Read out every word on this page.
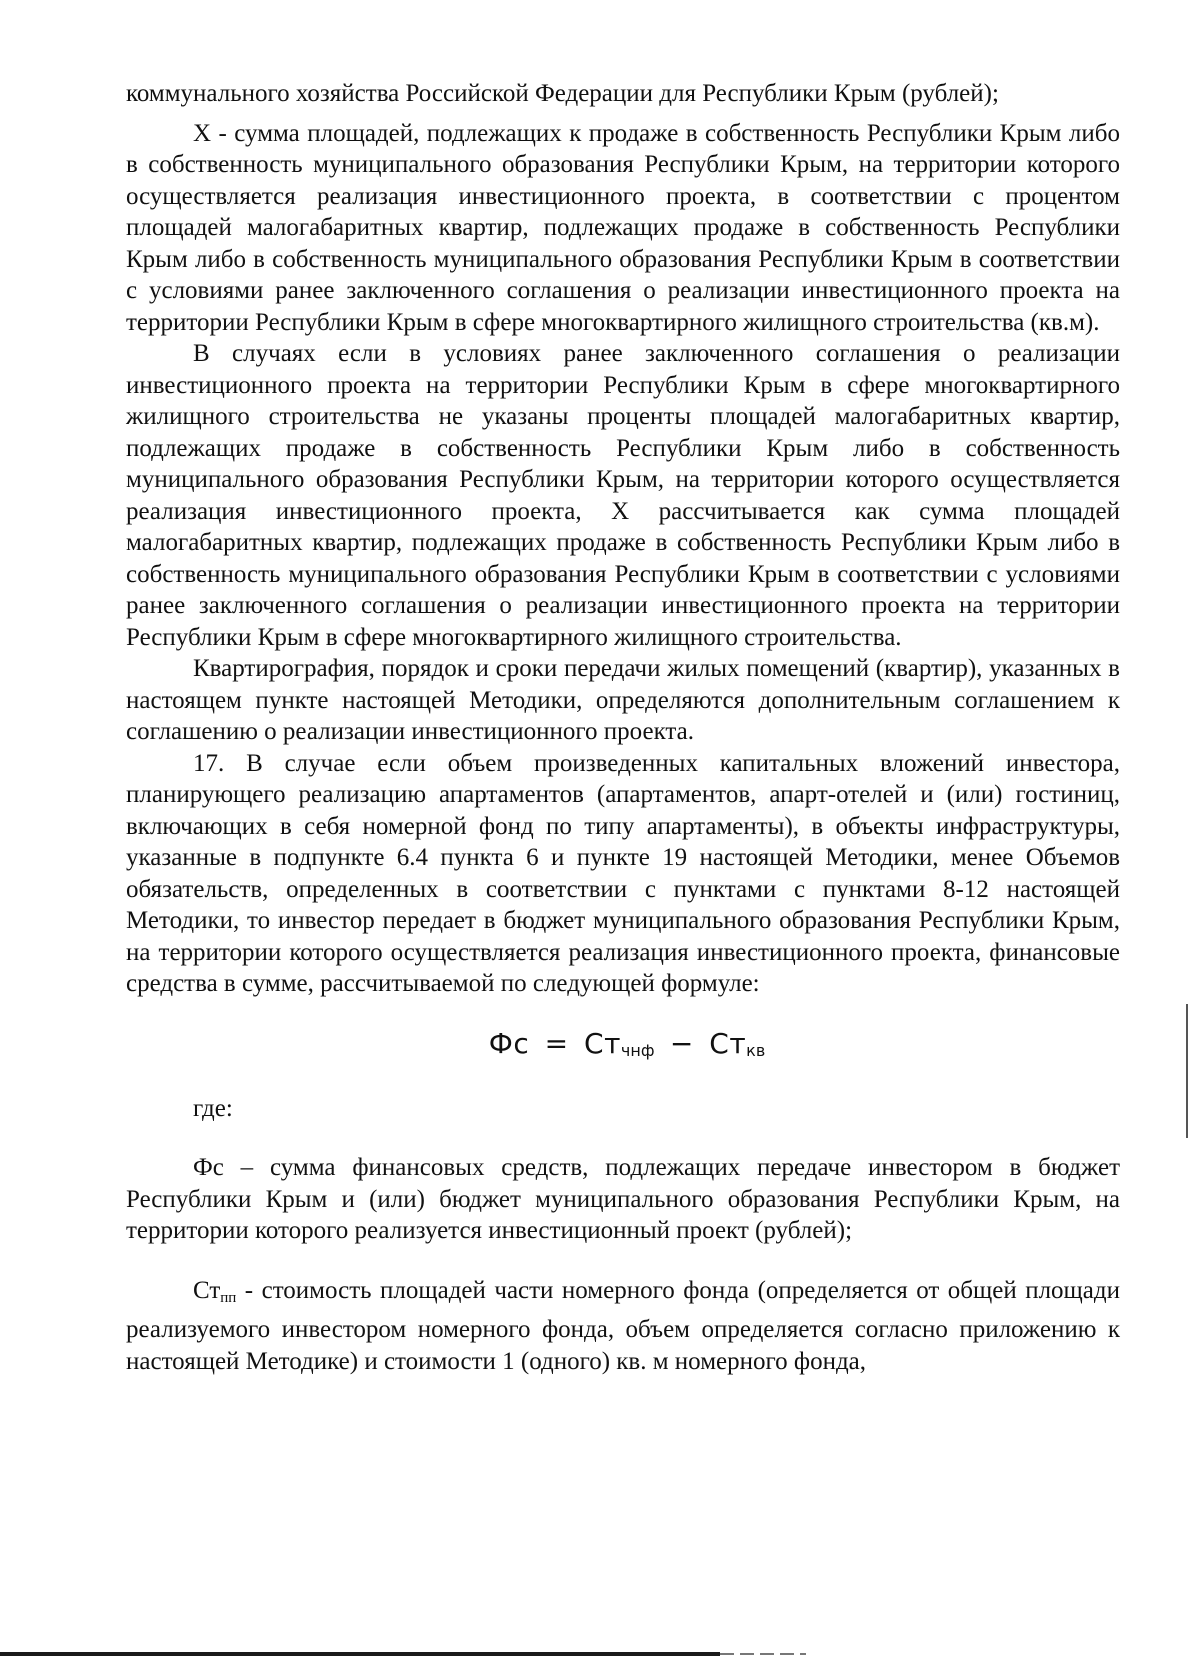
коммунального хозяйства Российской Федерации для Республики Крым (рублей);

X - сумма площадей, подлежащих к продаже в собственность Республики Крым либо в собственность муниципального образования Республики Крым, на территории которого осуществляется реализация инвестиционного проекта, в соответствии с процентом площадей малогабаритных квартир, подлежащих продаже в собственность Республики Крым либо в собственность муниципального образования Республики Крым в соответствии с условиями ранее заключенного соглашения о реализации инвестиционного проекта на территории Республики Крым в сфере многоквартирного жилищного строительства (кв.м).

В случаях если в условиях ранее заключенного соглашения о реализации инвестиционного проекта на территории Республики Крым в сфере многоквартирного жилищного строительства не указаны проценты площадей малогабаритных квартир, подлежащих продаже в собственность Республики Крым либо в собственность муниципального образования Республики Крым, на территории которого осуществляется реализация инвестиционного проекта, X рассчитывается как сумма площадей малогабаритных квартир, подлежащих продаже в собственность Республики Крым либо в собственность муниципального образования Республики Крым в соответствии с условиями ранее заключенного соглашения о реализации инвестиционного проекта на территории Республики Крым в сфере многоквартирного жилищного строительства.

Квартирография, порядок и сроки передачи жилых помещений (квартир), указанных в настоящем пункте настоящей Методики, определяются дополнительным соглашением к соглашению о реализации инвестиционного проекта.

17. В случае если объем произведенных капитальных вложений инвестора, планирующего реализацию апартаментов (апартаментов, апарт-отелей и (или) гостиниц, включающих в себя номерной фонд по типу апартаменты), в объекты инфраструктуры, указанные в подпункте 6.4 пункта 6 и пункте 19 настоящей Методики, менее Объемов обязательств, определенных в соответствии с пунктами с пунктами 8-12 настоящей Методики, то инвестор передает в бюджет муниципального образования Республики Крым, на территории которого осуществляется реализация инвестиционного проекта, финансовые средства в сумме, рассчитываемой по следующей формуле:

Фс = Стчнф − Сткв

где:

Фс – сумма финансовых средств, подлежащих передаче инвестором в бюджет Республики Крым и (или) бюджет муниципального образования Республики Крым, на территории которого реализуется инвестиционный проект (рублей);

Стпп - стоимость площадей части номерного фонда (определяется от общей площади реализуемого инвестором номерного фонда, объем определяется согласно приложению к настоящей Методике) и стоимости 1 (одного) кв. м номерного фонда,
